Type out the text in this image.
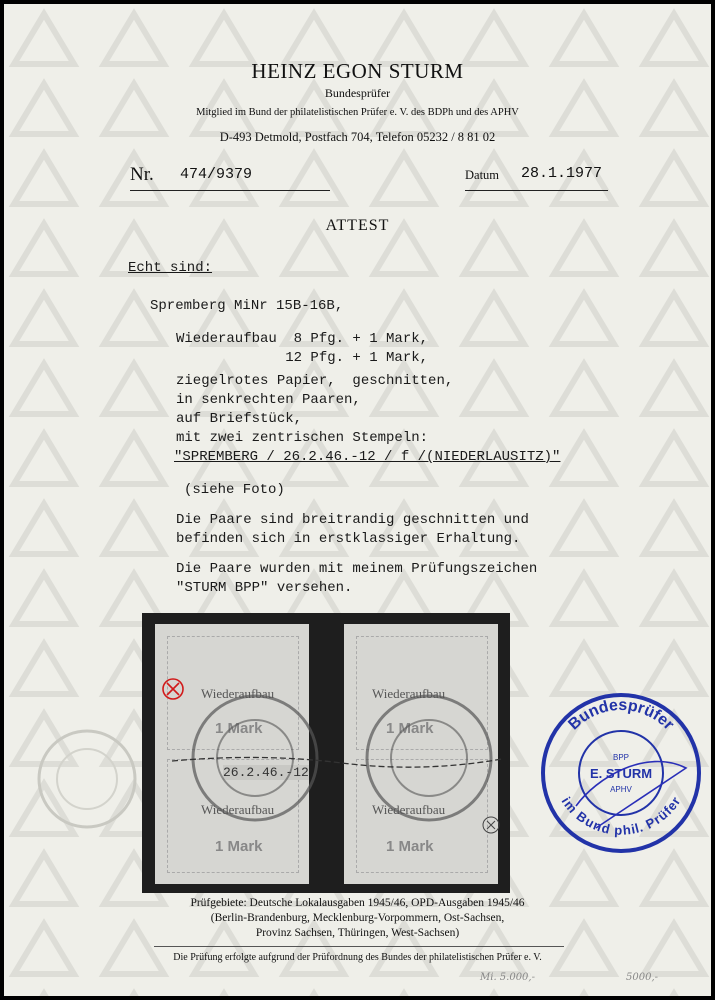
HEINZ EGON STURM
Bundesprüfer
Mitglied im Bund der philatelistischen Prüfer e. V. des BDPh und des APHV
D-493 Detmold, Postfach 704, Telefon 05232 / 8 81 02
Nr. 474/9379	Datum 28.1.1977
ATTEST
Echt sind:
Spremberg MiNr 15B-16B,
Wiederaufbau  8 Pfg. + 1 Mark,
12 Pfg. + 1 Mark,
ziegelrotes Papier,  geschnitten,
in senkrechten Paaren,
auf Briefstück,
mit zwei zentrischen Stempeln:
"SPREMBERG / 26.2.46.-12 / f /(NIEDERLAUSITZ)"
(siehe Foto)
Die Paare sind breitrandig geschnitten und
befinden sich in erstklassiger Erhaltung.
Die Paare wurden mit meinem Prüfungszeichen
"STURM BPP" versehen.
Wiederaufbau
1 Mark
Wiederaufbau
1 Mark
26.2.46.-12
Wiederaufbau
1 Mark
Wiederaufbau
1 Mark
Bundesprüfer
im Bund phil. Prüfer
BPP
E. STURM
APHV
Prüfgebiete: Deutsche Lokalausgaben 1945/46, OPD-Ausgaben 1945/46
(Berlin-Brandenburg, Mecklenburg-Vorpommern, Ost-Sachsen,
Provinz Sachsen, Thüringen, West-Sachsen)
Die Prüfung erfolgte aufgrund der Prüfordnung des Bundes der philatelistischen Prüfer e. V.
Mi. 5.000,-	5000,-
